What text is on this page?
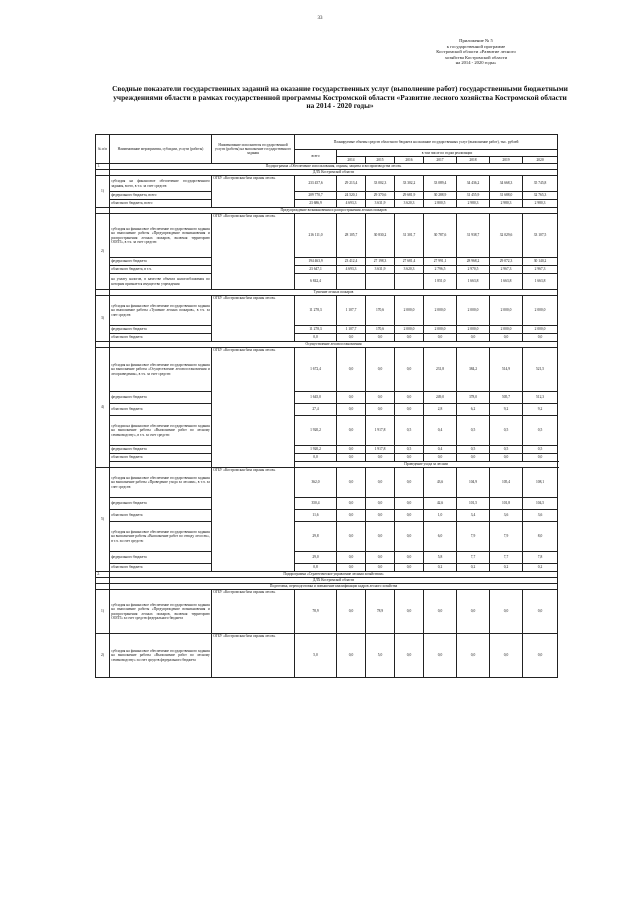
33
Приложение № 5
к государственной программе
Костромской области «Развитие лесного
хозяйства Костромской области
на 2014 - 2020 годы»
Сводные показатели государственных заданий на оказание государственных услуг (выполнение работ) государственными бюджетными учреждениями области в рамках государственной программы Костромской области «Развитие лесного хозяйства Костромской области на 2014 - 2020 годы»
№ п/п	Наименование мероприятия, субсидии, услуги (работы)	Наименование исполнителя государственной услуги (работы) на выполнение государственного задания	Планируемые объемы средств областного бюджета на оказание государственных услуг (выполнение работ), тыс. рублей							
			всего	в том числе по годам реализации						
				2014	2015	2016	2017	2018	2019	2020
1.	Подпрограмма «Обеспечение использования, охраны, защиты и воспроизводства лесов»									
	ДЛХ Костромской области									
1)	субсидия на финансовое обеспечение государственного задания, всего, в т.ч. за счет средств:	ОГБУ «Костромская база охраны лесов»	233 457,6	29 213,4	33 002,3	33 302,2	33 089,4	34 436,2	34 668,3	35 745,8
	федерального бюджета, всего		209 770,7	24 520,1	29 370,6	29 681,9	30 288,9	31 455,9	31 688,0	32 765,3
	областного бюджета, всего		23 686,9	4 693,3	3 631,9	3 620,3	2 800,5	2 980,3	2 980,3	2 980,3
	Предупреждение возникновения и распространения лесных пожаров									
2)	субсидия на финансовое обеспечение государственного задания на выполнение работы «Предупреждение возникновения и распространения лесных пожаров, включая территорию ООПТ», в т.ч. за счет средств:	ОГБУ «Костромская база охраны лесов»	216 111,0	28 105,7	30 830,2	31 301,7	30 787,6	31 938,7	32 029,6	33 107,5
	федерального бюджета		194 463,9	23 412,4	27 198,3	27 681,4	27 991,1	28 968,2	29 072,3	30 140,2
	областного бюджета, в т.ч.		23 647,1	4 693,3	3 631,9	3 620,3	2 796,5	2 970,5	2 967,3	2 967,3
	на уплату налогов, в качестве объекта налогообложения по которым признается имущество учреждения		6 842,4				1 851,0	1 663,8	1 663,8	1 663,8
	Тушение лесных пожаров									
3)	субсидия на финансовое обеспечение государственного задания на выполнение работы «Тушение лесных пожаров», в т.ч. за счет средств:	ОГБУ «Костромская база охраны лесов»	11 278,3	1 107,7	170,6	2 000,0	2 000,0	2 000,0	2 000,0	2 000,0
	федерального бюджета		11 278,3	1 107,7	170,6	2 000,0	2 000,0	2 000,0	2 000,0	2 000,0
	областного бюджета		0,0	0,0	0,0	0,0	0,0	0,0	0,0	0,0
	Осуществление лесовосстановления									
4)	субсидия на финансовое обеспечение государственного задания на выполнение работы «Осуществление лесовосстановления и лесоразведения», в т.ч. за счет средств:	ОГБУ «Костромская база охраны лесов»	1 672,4	0,0	0,0	0,0	231,8	384,2	514,9	521,5
	федерального бюджета		1 645,0	0,0	0,0	0,0	249,0	378,0	505,7	512,3
	областного бюджета		27,4	0,0	0,0	0,0	2,8	6,2	9,2	9,2
	субсидии на финансовое обеспечение государственного задания на выполнение работы «Выполнение работ по лесному семеноводству», в т.ч. за счет средств:		1 920,2	0,0	1 917,8	0,5	0,4	0,5	0,5	0,5
	федерального бюджета		1 920,2	0,0	1 917,8	0,5	0,4	0,5	0,5	0,5
	областного бюджета		0,0	0,0	0,0	0,0	0,0	0,0	0,0	0,0
			Проведение ухода за лесами							
5)	субсидия на финансовое обеспечение государственного задания на выполнение работы «Проведение ухода за лесами», в т.ч. за счет средств:	ОГБУ «Костромская база охраны лесов»	362,0	0,0	0,0	0,0	43,6	104,9	105,4	108,1
	федерального бюджета		350,4	0,0	0,0	0,0	42,6	101,5	101,8	104,5
	областного бюджета		11,6	0,0	0,0	0,0	1,0	3,4	3,6	3,6
	субсидия на финансовое обеспечение государственного задания на выполнение работы «Выполнение работ по отводу лесосек», в т.ч. за счет средств:		29,8	0,0	0,0	0,0	6,0	7,9	7,9	8,0
	федерального бюджета		29,0	0,0	0,0	0,0	5,8	7,7	7,7	7,8
	областного бюджета		0,8	0,0	0,0	0,0	0,2	0,2	0,2	0,2
2.	Подпрограмма «Стратегическое управление лесным хозяйством»									
	ДЛХ Костромской области									
	Подготовка, переподготовка и повышение квалификации кадров лесного хозяйства									
1)	субсидия на финансовое обеспечение государственного задания на выполнение работы «Предупреждение возникновения и распространения лесных пожаров, включая территорию ООПТ» за счет средств федерального бюджета	ОГБУ «Костромская база охраны лесов»	78,9	0,0	78,9	0,0	0,0	0,0	0,0	0,0
2)	субсидия на финансовое обеспечение государственного задания на выполнение работы «Выполнение работ по лесному семеноводству» за счет средств федерального бюджета	ОГБУ «Костромская база охраны лесов»	5,0	0,0	5,0	0,0	0,0	0,0	0,0	0,0
